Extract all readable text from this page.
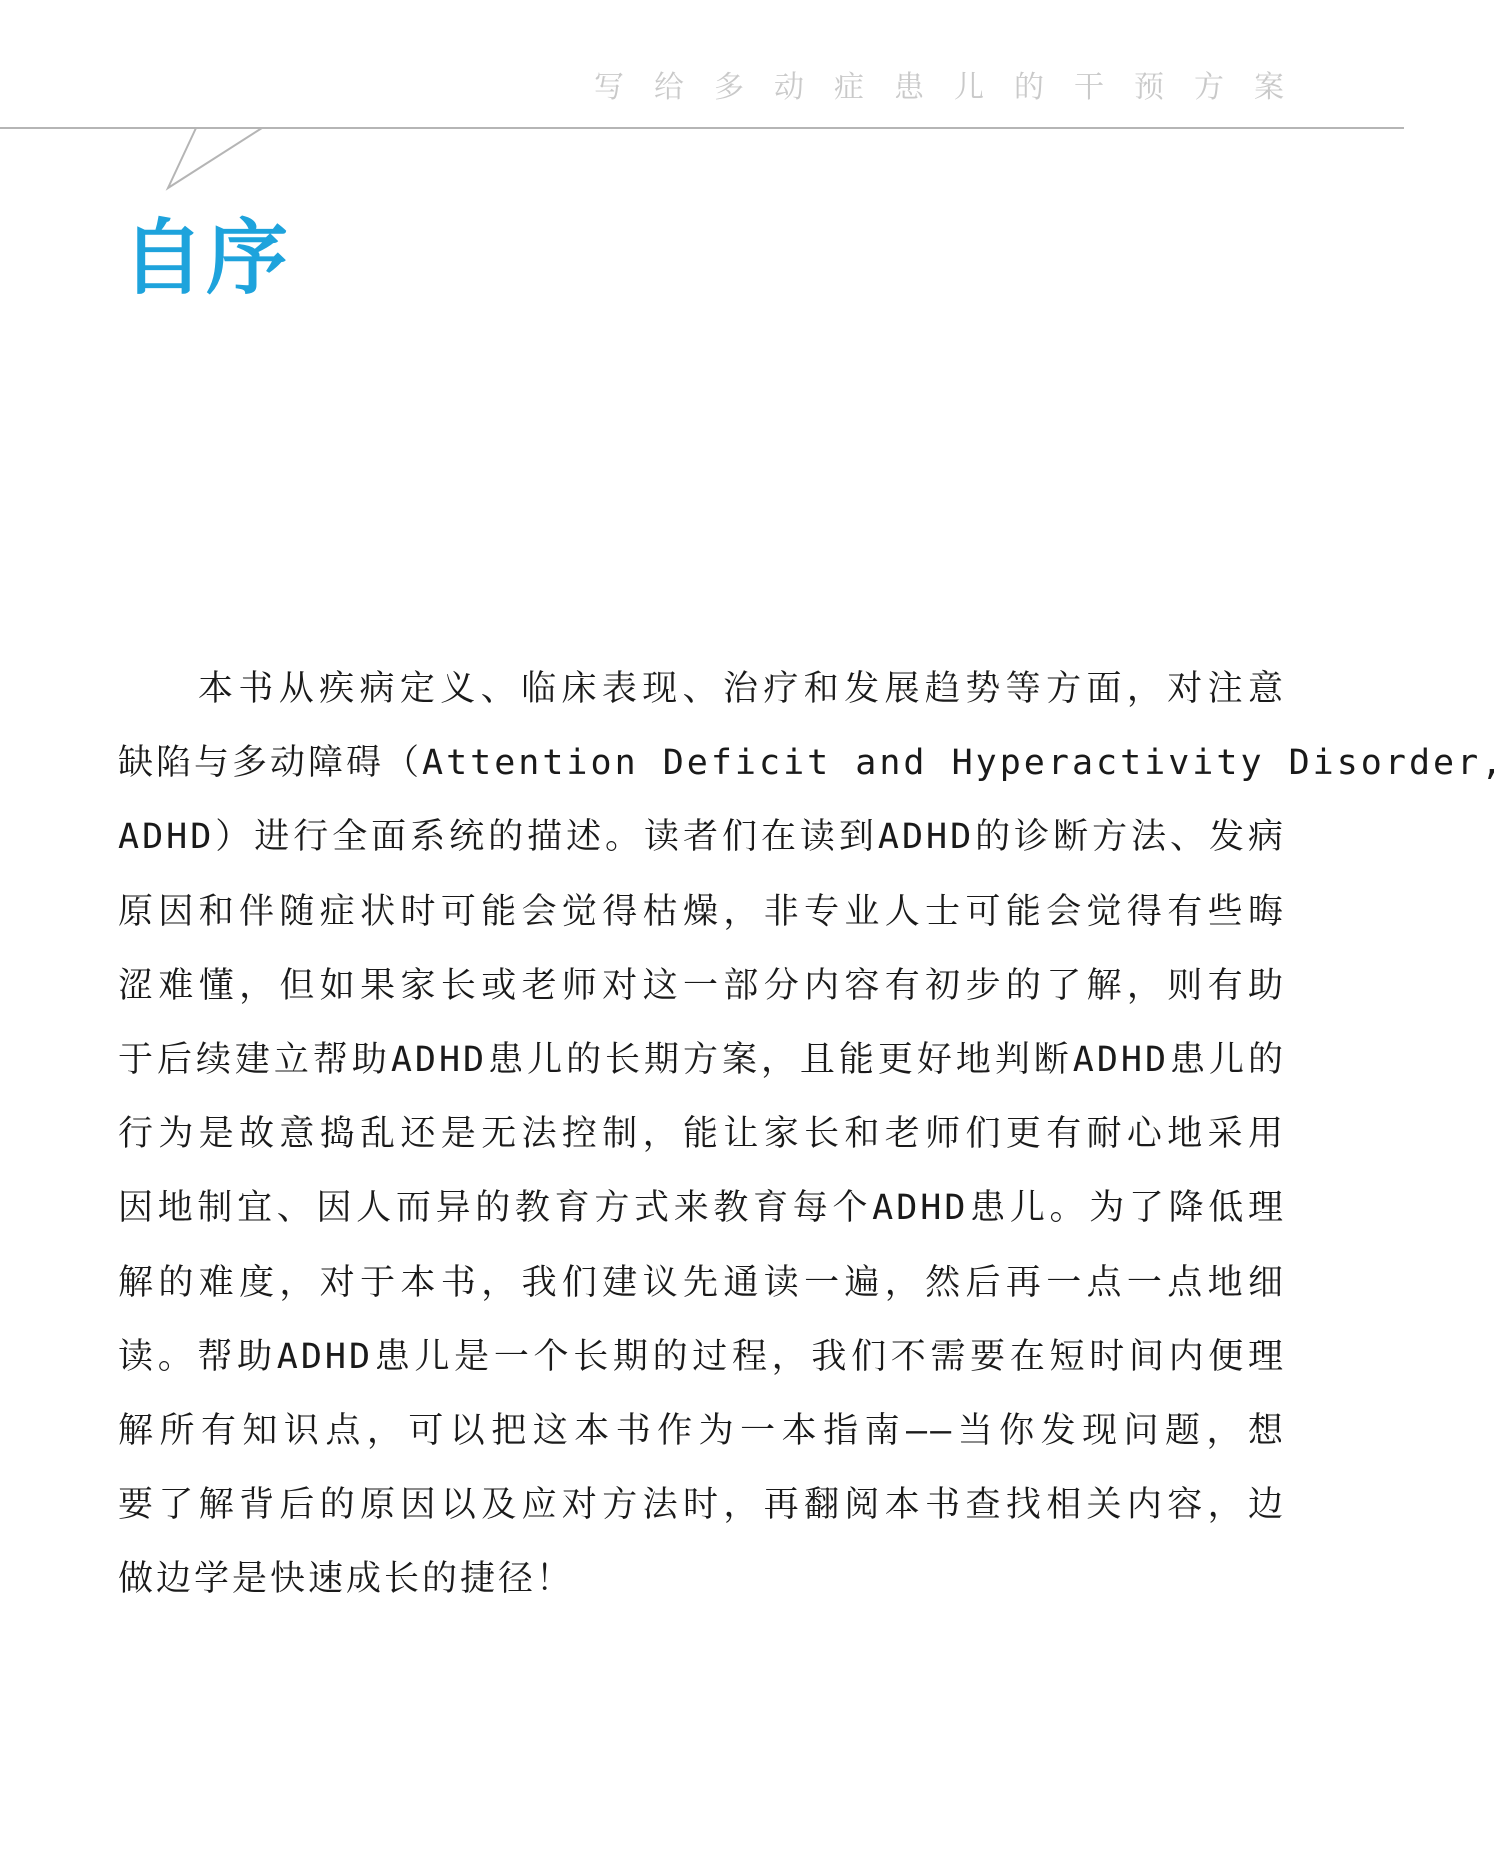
写给多动症患儿的干预方案
自序
本书从疾病定义、临床表现、治疗和发展趋势等方面，对注意
缺陷与多动障碍（Attention Deficit and Hyperactivity Disorder,
ADHD）进行全面系统的描述。读者们在读到ADHD的诊断方法、发病
原因和伴随症状时可能会觉得枯燥，非专业人士可能会觉得有些晦
涩难懂，但如果家长或老师对这一部分内容有初步的了解，则有助
于后续建立帮助ADHD患儿的长期方案，且能更好地判断ADHD患儿的
行为是故意捣乱还是无法控制，能让家长和老师们更有耐心地采用
因地制宜、因人而异的教育方式来教育每个ADHD患儿。为了降低理
解的难度，对于本书，我们建议先通读一遍，然后再一点一点地细
读。帮助ADHD患儿是一个长期的过程，我们不需要在短时间内便理
解所有知识点，可以把这本书作为一本指南——当你发现问题，想
要了解背后的原因以及应对方法时，再翻阅本书查找相关内容，边
做边学是快速成长的捷径！
